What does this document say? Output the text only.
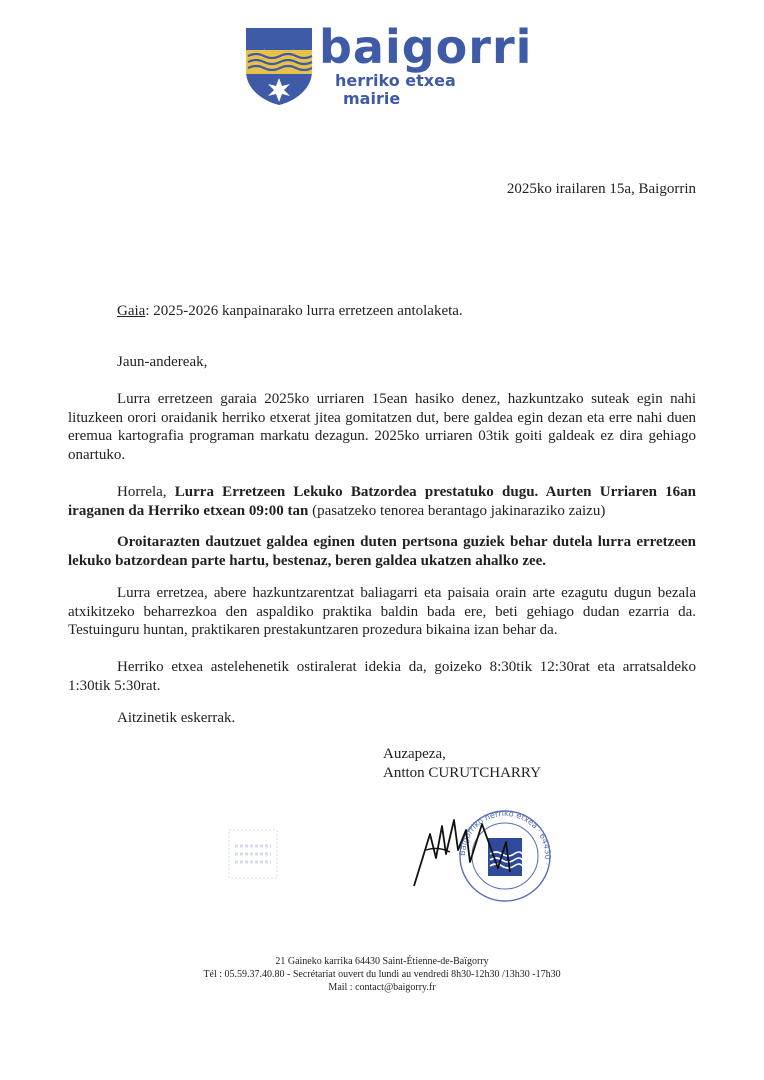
baigorri
herriko etxea
mairie
2025ko irailaren 15a, Baigorrin
Gaia: 2025-2026 kanpainarako lurra erretzeen antolaketa.
Jaun-andereak,
Lurra erretzeen garaia 2025ko urriaren 15ean hasiko denez, hazkuntzako suteak egin nahi lituzkeen orori oraidanik herriko etxerat jitea gomitatzen dut, bere galdea egin dezan eta erre nahi duen eremua kartografia programan markatu dezagun. 2025ko urriaren 03tik goiti galdeak ez dira gehiago onartuko.
Horrela, Lurra Erretzeen Lekuko Batzordea prestatuko dugu. Aurten Urriaren 16an iraganen da Herriko etxean 09:00 tan (pasatzeko tenorea berantago jakinaraziko zaizu)
Oroitarazten dautzuet galdea eginen duten pertsona guziek behar dutela lurra erretzeen lekuko batzordean parte hartu, bestenaz, beren galdea ukatzen ahalko zee.
Lurra erretzea, abere hazkuntzarentzat baliagarri eta paisaia orain arte ezagutu dugun bezala atxikitzeko beharrezkoa den aspaldiko praktika baldin bada ere, beti gehiago dudan ezarria da. Testuinguru huntan, praktikaren prestakuntzaren prozedura bikaina izan behar da.
Herriko etxea astelehenetik ostiralerat idekia da, goizeko 8:30tik 12:30rat eta arratsaldeko 1:30tik 5:30rat.
Aitzinetik eskerrak.
Auzapeza,
Antton CURUTCHARRY
Baigorriko herriko etxea · 64430 ·
21 Gaineko karrika 64430 Saint-Étienne-de-Baïgorry
Tél : 05.59.37.40.80 - Secrétariat ouvert du lundi au vendredi 8h30-12h30 /13h30 -17h30
Mail : contact@baigorry.fr
